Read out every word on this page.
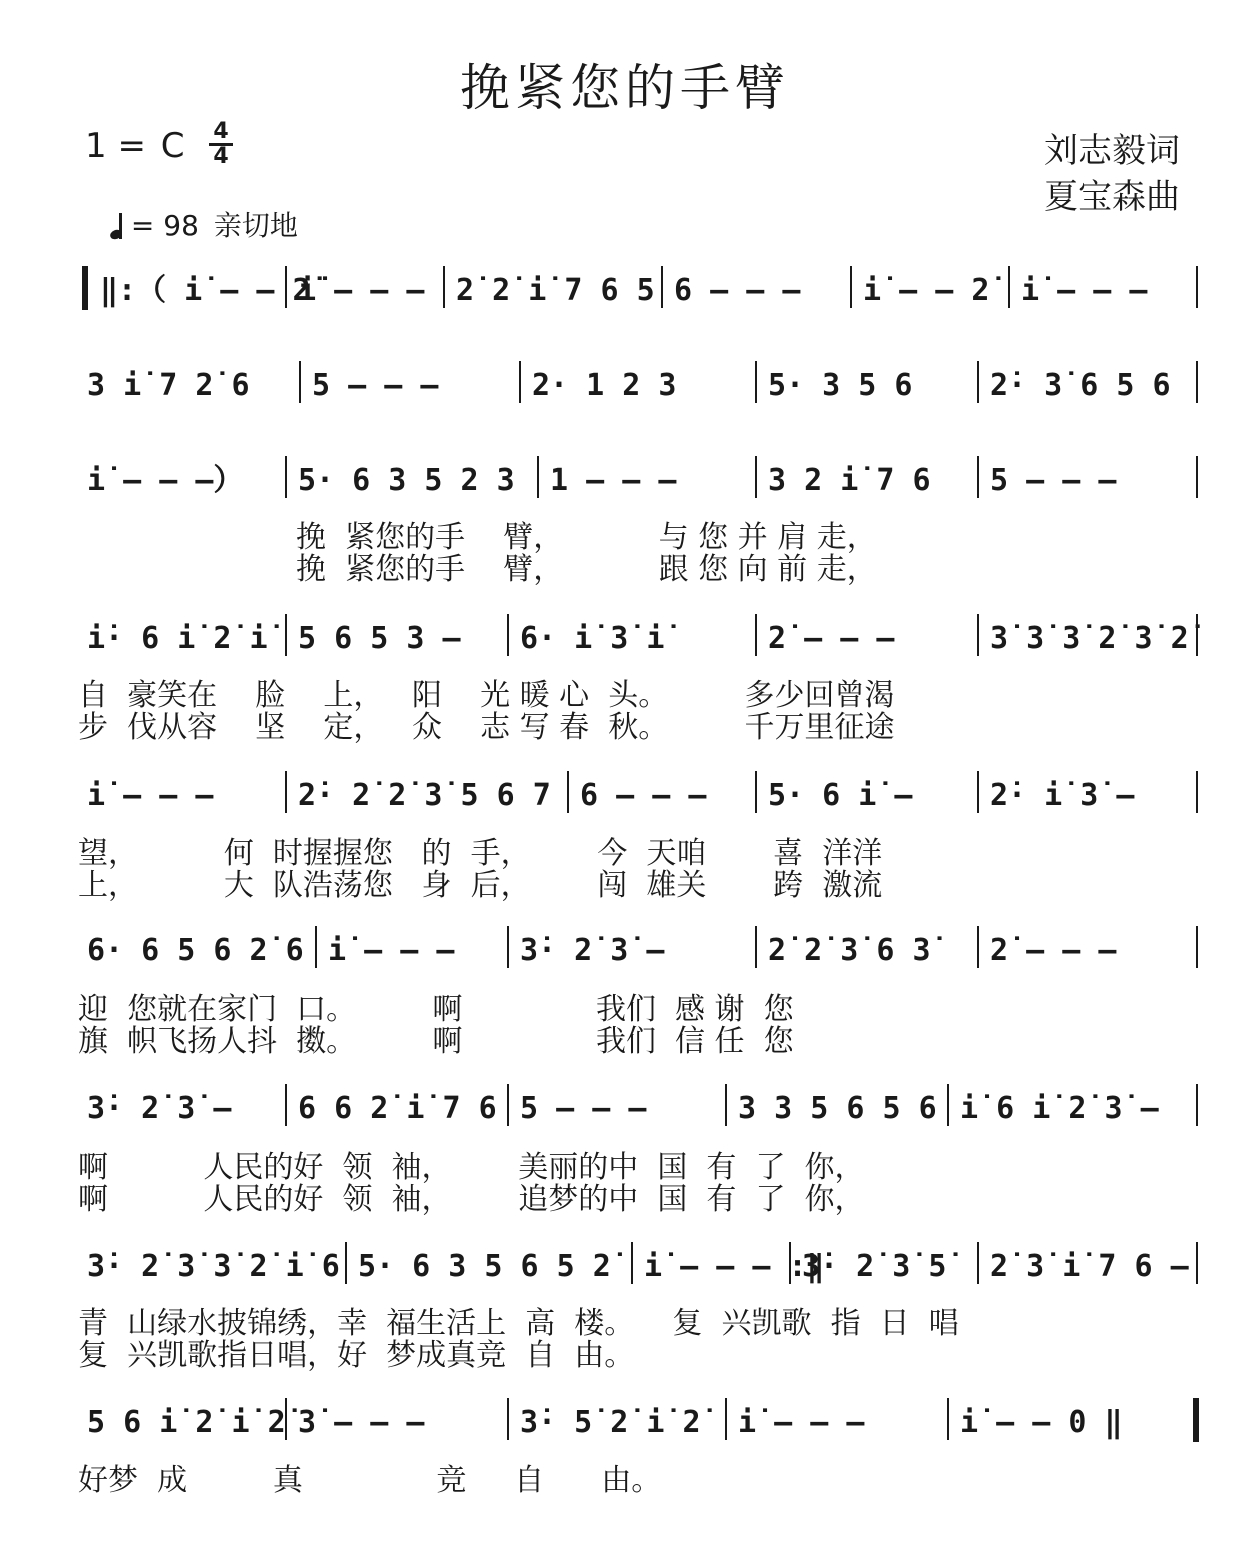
挽紧您的手臂
1 = C	4
4	刘志毅词
夏宝森曲
= 98 亲切地
‖:（ i̇ – – 2̇
i̇ – – – 2̇ 2̇ i̇ 7 6 5 6 – – – i̇ – – 2̇	i̇ – – –
3 i̇ 7 2̇ 6 5 – – –	2· 1 2 3	5· 3 5 6	2̇· 3̇ 6 5 6
i̇ – – –） 5· 6 3 5 2 3 1 – – –	3 2 i̇ 7 6 5 – – –
i̇· 6 i̇ 2̇ i̇	5 6 5 3 – 6· i̇ 3̇ i̇	2̇ – – –	3̇ 3̇ 3̇ 2̇ 3̇ 2̇
i̇ – – –	2̇· 2̇ 2̇ 3̇ 5 6 7 6 – – – 5· 6 i̇ –	2̇· i̇ 3̇ –
6· 6 5 6 2̇ 6 i̇ – – – 3̇· 2̇ 3̇ –	2̇ 2̇ 3̇ 6 3̇	2̇ – – –
3̇· 2̇ 3̇ – 6 6 2̇ i̇ 7 6 5 – – –	3 3 5 6 5 6 i̇ 6 i̇ 2̇ 3̇ –
3̇· 2̇ 3̇ 3̇ 2̇ i̇ 6 5· 6 3 5 6 5 2̇	i̇ – – – :‖
3̇· 2̇ 3̇ 5̇	2̇ 3̇ i̇ 7 6 –
5 6 i̇ 2̇ i̇ 2̇ 3̇ – – –	3̇· 5̇ 2̇ i̇ 2̇	i̇ – – –	i̇ – – 0 ‖
挽  紧您的手    臂，          与 您 并 肩 走，
挽  紧您的手    臂，          跟 您 向 前 走，
自  豪笑在    脸    上，   阳    光 暖 心  头。        多少回曾渴
步  伐从容    坚    定，   众    志 写 春  秋。        千万里征途
望，         何  时握握您   的  手，       今  天咱       喜  洋洋
上，         大  队浩荡您   身  后，       闯  雄关       跨  激流
迎  您就在家门  口。        啊              我们  感 谢  您
旗  帜飞扬人抖  擞。        啊              我们  信 任  您
啊          人民的好  领  袖，       美丽的中  国  有  了  你，
啊          人民的好  领  袖，       追梦的中  国  有  了  你，
青  山绿水披锦绣，幸  福生活上  高  楼。    复  兴凯歌  指  日  唱
复  兴凯歌指日唱，好  梦成真竞  自  由。
好梦  成         真              竞     自      由。
